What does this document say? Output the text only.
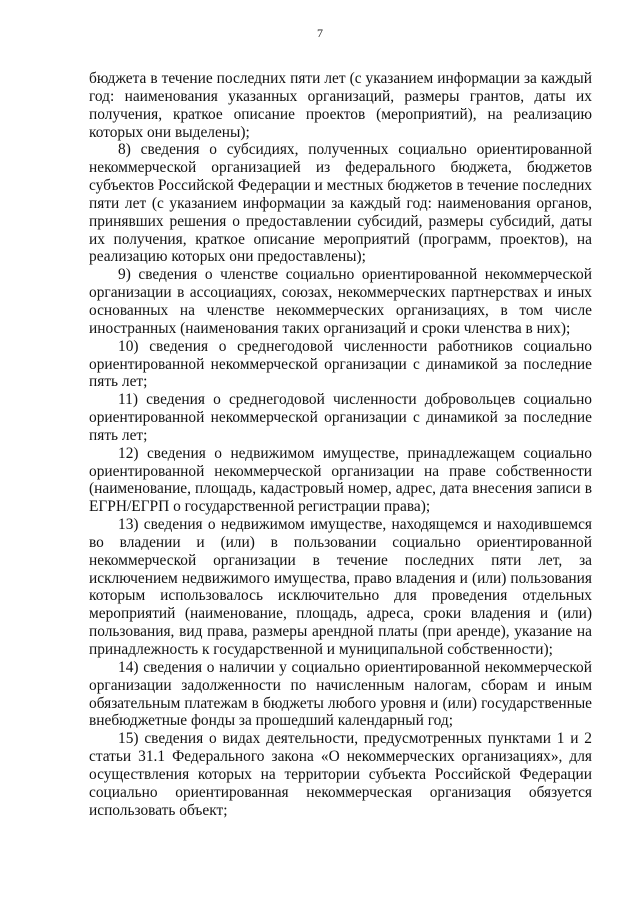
7

бюджета в течение последних пяти лет (с указанием информации за каждый год: наименования указанных организаций, размеры грантов, даты их получения, краткое описание проектов (мероприятий), на реализацию которых они выделены);

8) сведения о субсидиях, полученных социально ориентированной некоммерческой организацией из федерального бюджета, бюджетов субъектов Российской Федерации и местных бюджетов в течение последних пяти лет (с указанием информации за каждый год: наименования органов, принявших решения о предоставлении субсидий, размеры субсидий, даты их получения, краткое описание мероприятий (программ, проектов), на реализацию которых они предоставлены);

9) сведения о членстве социально ориентированной некоммерческой организации в ассоциациях, союзах, некоммерческих партнерствах и иных основанных на членстве некоммерческих организациях, в том числе иностранных (наименования таких организаций и сроки членства в них);

10) сведения о среднегодовой численности работников социально ориентированной некоммерческой организации с динамикой за последние пять лет;

11) сведения о среднегодовой численности добровольцев социально ориентированной некоммерческой организации с динамикой за последние пять лет;

12) сведения о недвижимом имуществе, принадлежащем социально ориентированной некоммерческой организации на праве собственности (наименование, площадь, кадастровый номер, адрес, дата внесения записи в ЕГРН/ЕГРП о государственной регистрации права);

13) сведения о недвижимом имуществе, находящемся и находившемся во владении и (или) в пользовании социально ориентированной некоммерческой организации в течение последних пяти лет, за исключением недвижимого имущества, право владения и (или) пользования которым использовалось исключительно для проведения отдельных мероприятий (наименование, площадь, адреса, сроки владения и (или) пользования, вид права, размеры арендной платы (при аренде), указание на принадлежность к государственной и муниципальной собственности);

14) сведения о наличии у социально ориентированной некоммерческой организации задолженности по начисленным налогам, сборам и иным обязательным платежам в бюджеты любого уровня и (или) государственные внебюджетные фонды за прошедший календарный год;

15) сведения о видах деятельности, предусмотренных пунктами 1 и 2 статьи 31.1 Федерального закона «О некоммерческих организациях», для осуществления которых на территории субъекта Российской Федерации социально ориентированная некоммерческая организация обязуется использовать объект;
